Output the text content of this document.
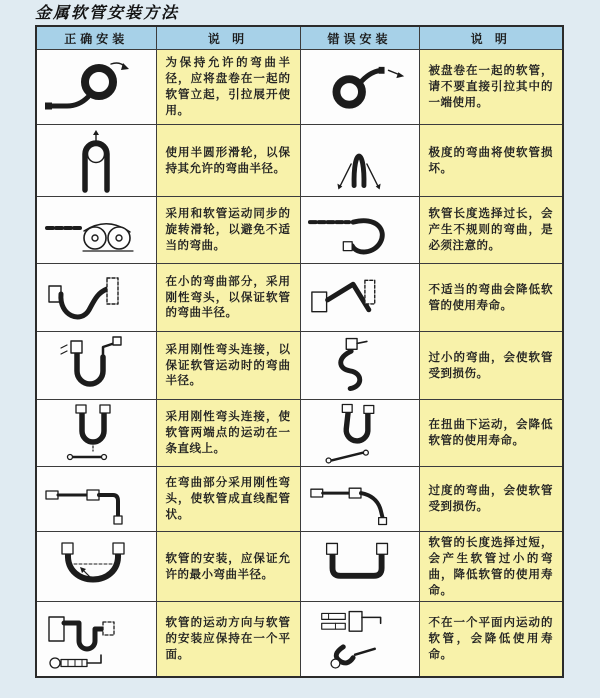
金属软管安装方法
正确安装	说 明	错误安装	说 明

为保持允许的弯曲半径，应将盘卷在一起的软管立起，引拉展开使用。		被盘卷在一起的软管，请不要直接引拉其中的一端使用。

使用半圆形滑轮，以保持其允许的弯曲半径。		极度的弯曲将使软管损坏。

采用和软管运动同步的旋转滑轮，以避免不适当的弯曲。		软管长度选择过长，会产生不规则的弯曲，是必须注意的。

在小的弯曲部分，采用刚性弯头，以保证软管的弯曲半径。		不适当的弯曲会降低软管的使用寿命。

采用刚性弯头连接，以保证软管运动时的弯曲半径。		过小的弯曲，会使软管受到损伤。

采用刚性弯头连接，使软管两端点的运动在一条直线上。		在扭曲下运动，会降低软管的使用寿命。

在弯曲部分采用刚性弯头，使软管成直线配管状。		过度的弯曲，会使软管受到损伤。

软管的安装，应保证允许的最小弯曲半径。		软管的长度选择过短，会产生软管过小的弯曲，降低软管的使用寿命。

软管的运动方向与软管的安装应保持在一个平面。		不在一个平面内运动的软管，会降低使用寿命。
